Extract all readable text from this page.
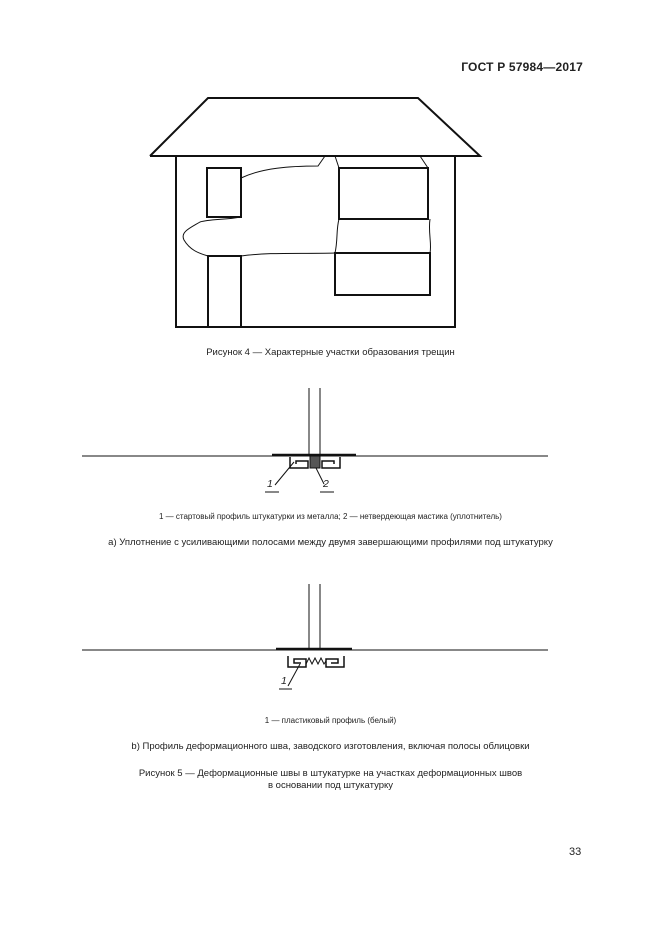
ГОСТ Р 57984—2017
Рисунок 4 — Характерные участки образования трещин
1	2
1 — стартовый профиль штукатурки из металла; 2 — нетвердеющая мастика (уплотнитель)
а) Уплотнение с усиливающими полосами между двумя завершающими профилями под штукатурку
1
1 — пластиковый профиль (белый)
b) Профиль деформационного шва, заводского изготовления, включая полосы облицовки
Рисунок 5 — Деформационные швы в штукатурке на участках деформационных швов
в основании под штукатурку
33
